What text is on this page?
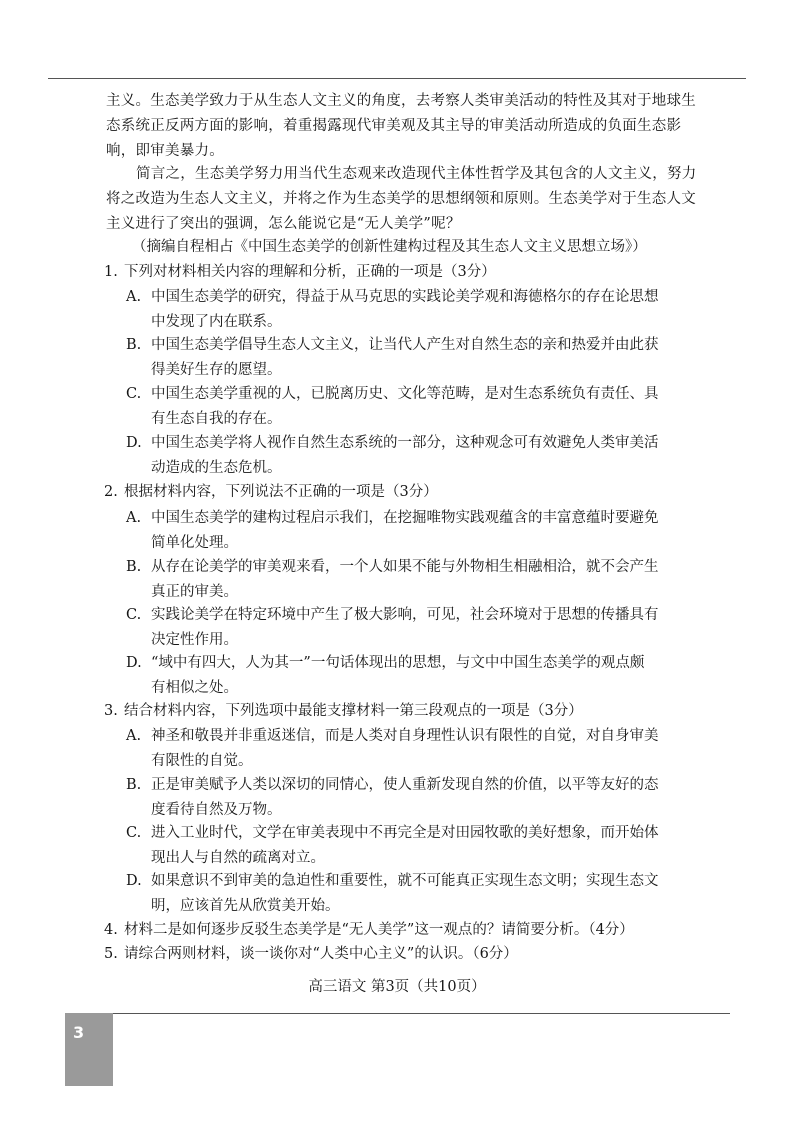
主义。生态美学致力于从生态人文主义的角度，去考察人类审美活动的特性及其对于地球生态系统正反两方面的影响，着重揭露现代审美观及其主导的审美活动所造成的负面生态影响，即审美暴力。

简言之，生态美学努力用当代生态观来改造现代主体性哲学及其包含的人文主义，努力将之改造为生态人文主义，并将之作为生态美学的思想纲领和原则。生态美学对于生态人文主义进行了突出的强调，怎么能说它是“无人美学”呢？

（摘编自程相占《中国生态美学的创新性建构过程及其生态人文主义思想立场》）
1. 下列对材料相关内容的理解和分析，正确的一项是（3分）
A. 中国生态美学的研究，得益于从马克思的实践论美学观和海德格尔的存在论思想
中发现了内在联系。
B. 中国生态美学倡导生态人文主义，让当代人产生对自然生态的亲和热爱并由此获
得美好生存的愿望。
C. 中国生态美学重视的人，已脱离历史、文化等范畴，是对生态系统负有责任、具
有生态自我的存在。
D. 中国生态美学将人视作自然生态系统的一部分，这种观念可有效避免人类审美活
动造成的生态危机。
2. 根据材料内容，下列说法不正确的一项是（3分）
A. 中国生态美学的建构过程启示我们，在挖掘唯物实践观蕴含的丰富意蕴时要避免
简单化处理。
B. 从存在论美学的审美观来看，一个人如果不能与外物相生相融相洽，就不会产生
真正的审美。
C. 实践论美学在特定环境中产生了极大影响，可见，社会环境对于思想的传播具有
决定性作用。
D. “域中有四大，人为其一”一句话体现出的思想，与文中中国生态美学的观点颇
有相似之处。
3. 结合材料内容，下列选项中最能支撑材料一第三段观点的一项是（3分）
A. 神圣和敬畏并非重返迷信，而是人类对自身理性认识有限性的自觉，对自身审美
有限性的自觉。
B. 正是审美赋予人类以深切的同情心，使人重新发现自然的价值，以平等友好的态
度看待自然及万物。
C. 进入工业时代，文学在审美表现中不再完全是对田园牧歌的美好想象，而开始体
现出人与自然的疏离对立。
D. 如果意识不到审美的急迫性和重要性，就不可能真正实现生态文明；实现生态文
明，应该首先从欣赏美开始。
4. 材料二是如何逐步反驳生态美学是“无人美学”这一观点的？请简要分析。（4分）
5. 请综合两则材料，谈一谈你对“人类中心主义”的认识。（6分）
高三语文 第3页（共10页）
3
